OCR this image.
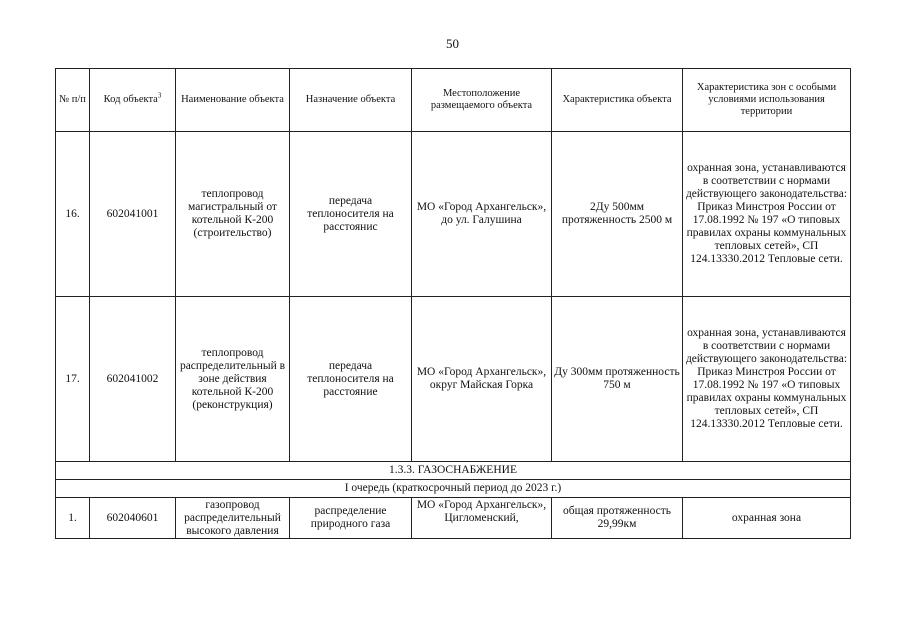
50
№ п/п	Код объекта$^3$	Наименование объекта	Назначение объекта	Местоположение размещаемого объекта	Характеристика объекта	Характеристика зон с особыми условиями использования территории
16.	602041001	теплопровод магистральный от котельной К-200 (строительство)	передача теплоносителя на расстоянис	МО «Город Архангельск», до ул. Галушина	2Ду 500мм протяженность 2500 м	охранная зона, устанавливаются в соответствии с нормами действующего законодательства: Приказ Минстроя России от 17.08.1992 № 197 «О типовых правилах охраны коммунальных тепловых сетей», СП 124.13330.2012 Тепловые сети.
17.	602041002	теплопровод распределительный в зоне действия котельной К-200 (реконструкция)	передача теплоносителя на расстояние	МО «Город Архангельск», округ Майская Горка	Ду 300мм протяженность 750 м	охранная зона, устанавливаются в соответствии с нормами действующего законодательства: Приказ Минстроя России от 17.08.1992 № 197 «О типовых правилах охраны коммунальных тепловых сетей», СП 124.13330.2012 Тепловые сети.
1.3.3. ГАЗОСНАБЖЕНИЕ						
I очередь (краткосрочный период до 2023 г.)						
1.	602040601	газопровод распределительный высокого давления	распределение природного газа	МО «Город Архангельск», Цигломенский,	общая протяженность 29,99км	охранная зона
